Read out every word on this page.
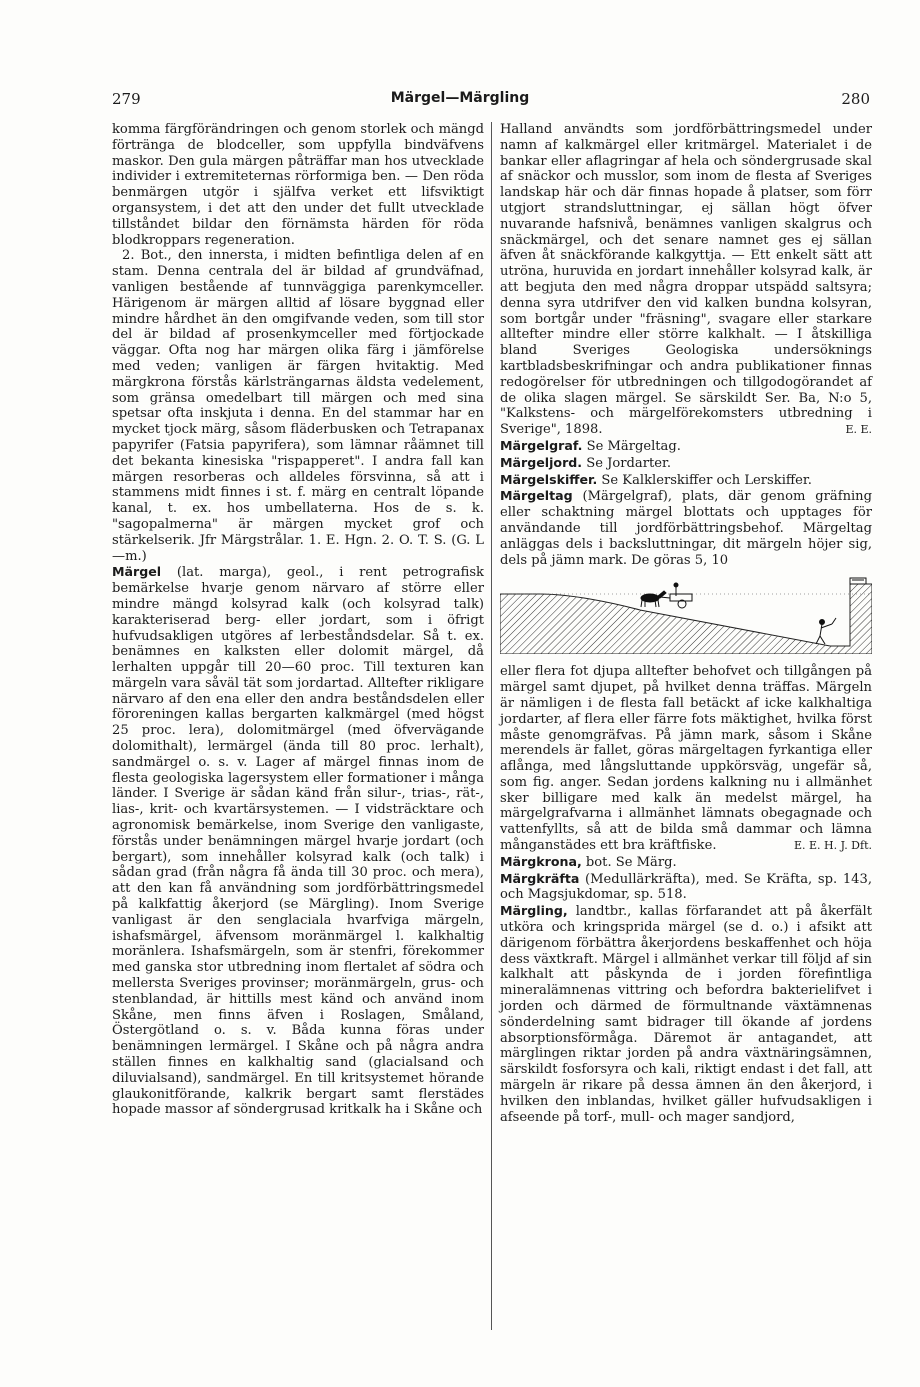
279	Märgel—Märgling	280

komma färgförändringen och genom storlek och mängd förtränga de blodceller, som uppfylla bindväfvens maskor. Den gula märgen påträffar man hos utvecklade individer i extremiteternas rörformiga ben. — Den röda benmärgen utgör i själfva verket ett lifsviktigt organsystem, i det att den under det fullt utvecklade tillståndet bildar den förnämsta härden för röda blodkroppars regeneration.

2. Bot., den innersta, i midten befintliga delen af en stam. Denna centrala del är bildad af grundväfnad, vanligen bestående af tunnväggiga parenkymceller. Härigenom är märgen alltid af lösare byggnad eller mindre hårdhet än den omgifvande veden, som till stor del är bildad af prosenkymceller med förtjockade väggar. Ofta nog har märgen olika färg i jämförelse med veden; vanligen är färgen hvitaktig. Med märgkrona förstås kärlsträngarnas äldsta vedelement, som gränsa omedelbart till märgen och med sina spetsar ofta inskjuta i denna. En del stammar har en mycket tjock märg, såsom fläderbusken och Tetrapanax papyrifer (Fatsia papyrifera), som lämnar råämnet till det bekanta kinesiska "rispapperet". I andra fall kan märgen resorberas och alldeles försvinna, så att i stammens midt finnes i st. f. märg en centralt löpande kanal, t. ex. hos umbellaterna. Hos de s. k. "sagopalmerna" är märgen mycket grof och stärkelserik. Jfr Märgstrålar. 1. E. Hgn. 2. O. T. S. (G. L—m.)

Märgel (lat. marga), geol., i rent petrografisk bemärkelse hvarje genom närvaro af större eller mindre mängd kolsyrad kalk (och kolsyrad talk) karakteriserad berg- eller jordart, som i öfrigt hufvudsakligen utgöres af lerbeståndsdelar. Så t. ex. benämnes en kalksten eller dolomit märgel, då lerhalten uppgår till 20—60 proc. Till texturen kan märgeln vara såväl tät som jordartad. Alltefter rikligare närvaro af den ena eller den andra beståndsdelen eller föroreningen kallas bergarten kalkmärgel (med högst 25 proc. lera), dolomitmärgel (med öfvervägande dolomithalt), lermärgel (ända till 80 proc. lerhalt), sandmärgel o. s. v. Lager af märgel finnas inom de flesta geologiska lagersystem eller formationer i många länder. I Sverige är sådan känd från silur-, trias-, rät-, lias-, krit- och kvartärsystemen. — I vidsträcktare och agronomisk bemärkelse, inom Sverige den vanligaste, förstås under benämningen märgel hvarje jordart (och bergart), som innehåller kolsyrad kalk (och talk) i sådan grad (från några få ända till 30 proc. och mera), att den kan få användning som jordförbättringsmedel på kalkfattig åkerjord (se Märgling). Inom Sverige vanligast är den senglaciala hvarfviga märgeln, ishafsmärgel, äfvensom moränmärgel l. kalkhaltig moränlera. Ishafsmärgeln, som är stenfri, förekommer med ganska stor utbredning inom flertalet af södra och mellersta Sveriges provinser; moränmärgeln, grus- och stenblandad, är hittills mest känd och använd inom Skåne, men finns äfven i Roslagen, Småland, Östergötland o. s. v. Båda kunna föras under benämningen lermärgel. I Skåne och på några andra ställen finnes en kalkhaltig sand (glacialsand och diluvialsand), sandmärgel. En till kritsystemet hörande glaukonitförande, kalkrik bergart samt flerstädes hopade massor af söndergrusad kritkalk ha i Skåne och

Halland användts som jordförbättringsmedel under namn af kalkmärgel eller kritmärgel. Materialet i de bankar eller aflagringar af hela och söndergrusade skal af snäckor och musslor, som inom de flesta af Sveriges landskap här och där finnas hopade å platser, som förr utgjort strandsluttningar, ej sällan högt öfver nuvarande hafsnivå, benämnes vanligen skalgrus och snäckmärgel, och det senare namnet ges ej sällan äfven åt snäckförande kalkgyttja. — Ett enkelt sätt att utröna, huruvida en jordart innehåller kolsyrad kalk, är att begjuta den med några droppar utspädd saltsyra; denna syra utdrifver den vid kalken bundna kolsyran, som bortgår under "fräsning", svagare eller starkare alltefter mindre eller större kalkhalt. — I åtskilliga bland Sveriges Geologiska undersöknings kartbladsbeskrifningar och andra publikationer finnas redogörelser för utbredningen och tillgodogörandet af de olika slagen märgel. Se särskildt Ser. Ba, N:o 5, "Kalkstens- och märgelförekomsters utbredning i Sverige", 1898.	E. E.

Märgelgraf. Se Märgeltag.

Märgeljord. Se Jordarter.

Märgelskiffer. Se Kalklerskiffer och Lerskiffer.

Märgeltag (Märgelgraf), plats, där genom gräfning eller schaktning märgel blottats och upptages för användande till jordförbättringsbehof. Märgeltag anläggas dels i backsluttningar, dit märgeln höjer sig, dels på jämn mark. De göras 5, 10

eller flera fot djupa alltefter behofvet och tillgången på märgel samt djupet, på hvilket denna träffas. Märgeln är nämligen i de flesta fall betäckt af icke kalkhaltiga jordarter, af flera eller färre fots mäktighet, hvilka först måste genomgräfvas. På jämn mark, såsom i Skåne merendels är fallet, göras märgeltagen fyrkantiga eller aflånga, med långsluttande uppkörsväg, ungefär så, som fig. anger. Sedan jordens kalkning nu i allmänhet sker billigare med kalk än medelst märgel, ha märgelgrafvarna i allmänhet lämnats obegagnade och vattenfyllts, så att de bilda små dammar och lämna månganstädes ett bra kräftfiske.	E. E. H. J. Dft.

Märgkrona, bot. Se Märg.

Märgkräfta (Medullärkräfta), med. Se Kräfta, sp. 143, och Magsjukdomar, sp. 518.

Märgling, landtbr., kallas förfarandet att på åkerfält utköra och kringsprida märgel (se d. o.) i afsikt att därigenom förbättra åkerjordens beskaffenhet och höja dess växtkraft. Märgel i allmänhet verkar till följd af sin kalkhalt att påskynda de i jorden förefintliga mineralämnenas vittring och befordra bakterielifvet i jorden och därmed de förmultnande växtämnenas sönderdelning samt bidrager till ökande af jordens absorptionsförmåga. Däremot är antagandet, att märglingen riktar jorden på andra växtnäringsämnen, särskildt fosforsyra och kali, riktigt endast i det fall, att märgeln är rikare på dessa ämnen än den åkerjord, i hvilken den inblandas, hvilket gäller hufvudsakligen i afseende på torf-, mull- och mager sandjord,
